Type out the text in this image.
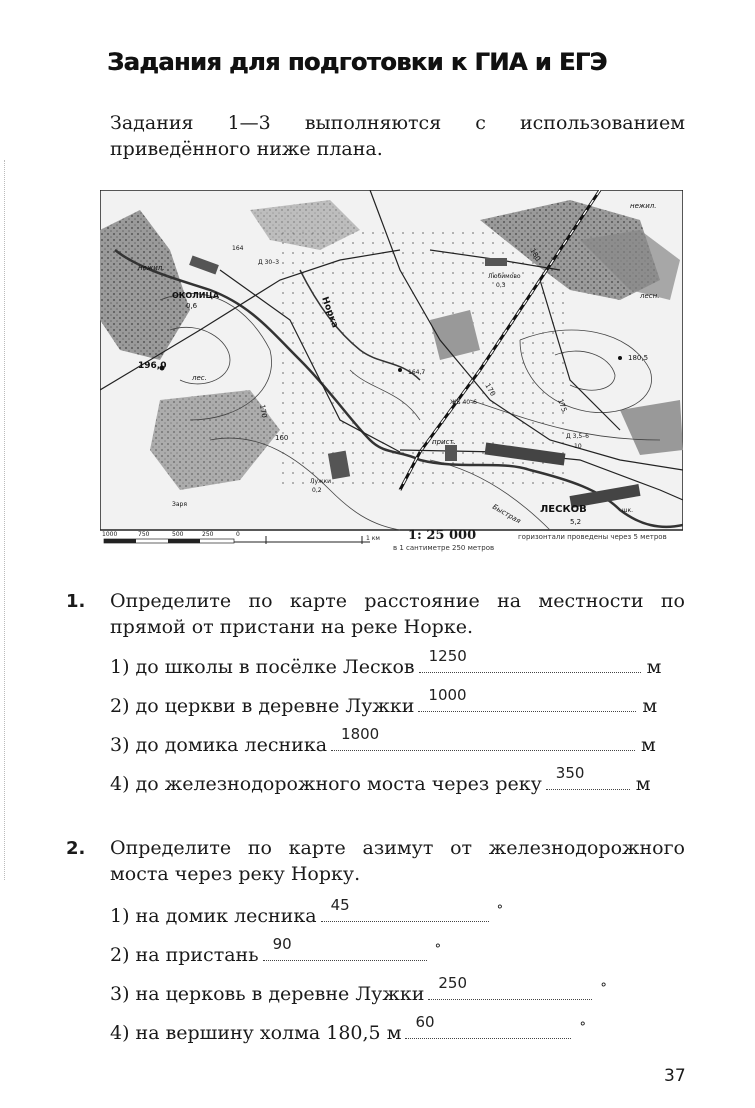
Задания для подготовки к ГИА и ЕГЭ
Задания 1—3 выполняются с использованием приведённого ниже плана.
ОКОЛИЦА
0,6	Норка
ЛЕСКОВ
5,2
Любимово
0,3
Лужки
0,2
196,0
180,5
164,7
164
лес.
лесн.
нежил.
нежил.
прист.
Быстрая
ЖБ 40–6
Д 3,5–6
10
Д 30–3
Заря
шк.
170
170
175
180
160
1000	750	500	250	0
1 км 1: 25 000
в 1 сантиметре 250 метров
горизонтали проведены через 5 метров
1. Определите по карте расстояние на местности по прямой от пристани на реке Норке.
1) до школы в посёлке Лесков 1250	м
2) до церкви в деревне Лужки 1000	м
3) до домика лесника 1800	м
4) до железнодорожного моста через реку 350	м
2. Определите по карте азимут от железнодорожного моста через реку Норку.
1) на домик лесника 45	°
2) на пристань 90	°
3) на церковь в деревне Лужки 250	°
4) на вершину холма 180,5 м 60	°
37
